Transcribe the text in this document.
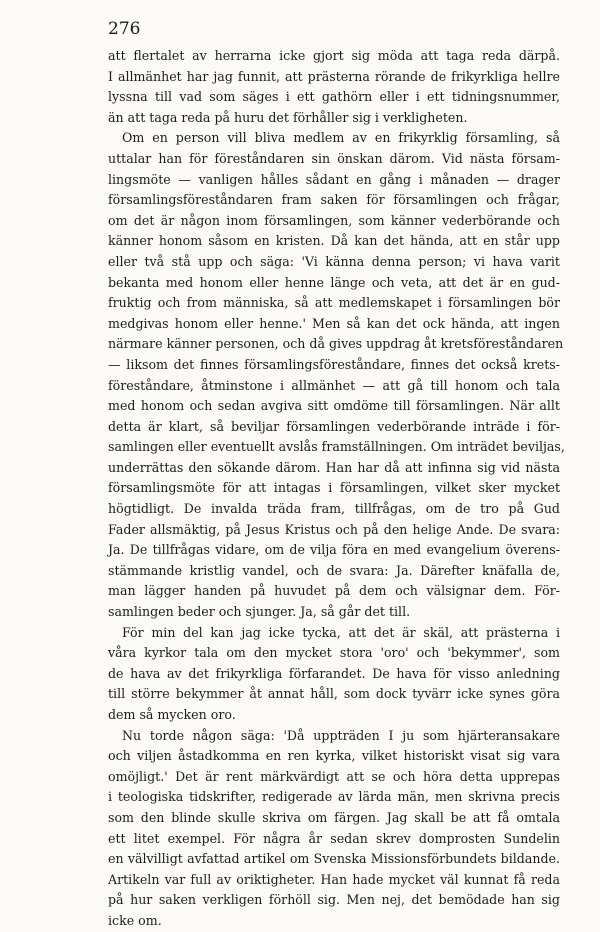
276
att flertalet av herrarna icke gjort sig möda att taga reda därpå.
I allmänhet har jag funnit, att prästerna rörande de frikyrkliga hellre
lyssna till vad som säges i ett gathörn eller i ett tidningsnummer,
än att taga reda på huru det förhåller sig i verkligheten.
Om en person vill bliva medlem av en frikyrklig församling, så
uttalar han för föreståndaren sin önskan därom. Vid nästa försam-
lingsmöte — vanligen hålles sådant en gång i månaden — drager
församlingsföreståndaren fram saken för församlingen och frågar,
om det är någon inom församlingen, som känner vederbörande och
känner honom såsom en kristen. Då kan det hända, att en står upp
eller två stå upp och säga: 'Vi känna denna person; vi hava varit
bekanta med honom eller henne länge och veta, att det är en gud-
fruktig och from människa, så att medlemskapet i församlingen bör
medgivas honom eller henne.' Men så kan det ock hända, att ingen
närmare känner personen, och då gives uppdrag åt kretsföreståndaren
— liksom det finnes församlingsföreståndare, finnes det också krets-
föreståndare, åtminstone i allmänhet — att gå till honom och tala
med honom och sedan avgiva sitt omdöme till församlingen. När allt
detta är klart, så beviljar församlingen vederbörande inträde i för-
samlingen eller eventuellt avslås framställningen. Om inträdet beviljas,
underrättas den sökande därom. Han har då att infinna sig vid nästa
församlingsmöte för att intagas i församlingen, vilket sker mycket
högtidligt. De invalda träda fram, tillfrågas, om de tro på Gud
Fader allsmäktig, på Jesus Kristus och på den helige Ande. De svara:
Ja. De tillfrågas vidare, om de vilja föra en med evangelium överens-
stämmande kristlig vandel, och de svara: Ja. Därefter knäfalla de,
man lägger handen på huvudet på dem och välsignar dem. För-
samlingen beder och sjunger. Ja, så går det till.
För min del kan jag icke tycka, att det är skäl, att prästerna i
våra kyrkor tala om den mycket stora 'oro' och 'bekymmer', som
de hava av det frikyrkliga förfarandet. De hava för visso anledning
till större bekymmer åt annat håll, som dock tyvärr icke synes göra
dem så mycken oro.
Nu torde någon säga: 'Då uppträden I ju som hjärteransakare
och viljen åstadkomma en ren kyrka, vilket historiskt visat sig vara
omöjligt.' Det är rent märkvärdigt att se och höra detta upprepas
i teologiska tidskrifter, redigerade av lärda män, men skrivna precis
som den blinde skulle skriva om färgen. Jag skall be att få omtala
ett litet exempel. För några år sedan skrev domprosten Sundelin
en välvilligt avfattad artikel om Svenska Missionsförbundets bildande.
Artikeln var full av oriktigheter. Han hade mycket väl kunnat få reda
på hur saken verkligen förhöll sig. Men nej, det bemödade han sig
icke om.
